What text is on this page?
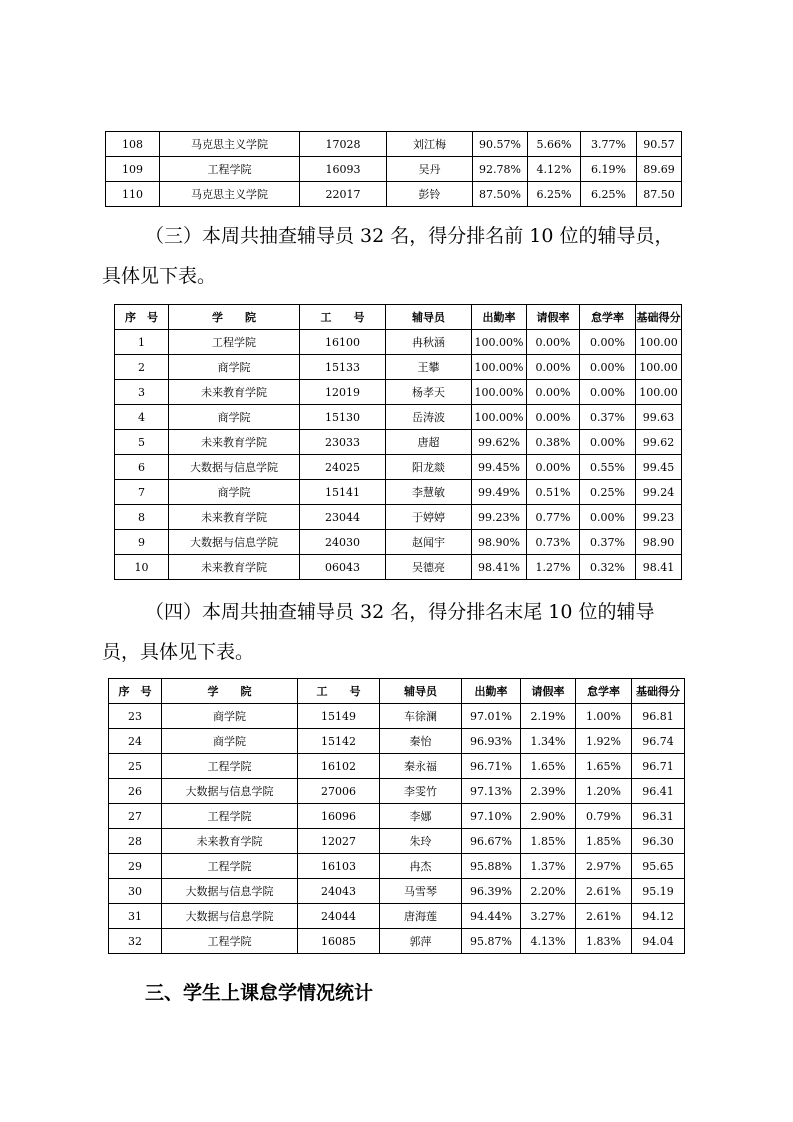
108	马克思主义学院	17028	刘江梅	90.57%	5.66%	3.77%	90.57
109	工程学院	16093	吴丹	92.78%	4.12%	6.19%	89.69
110	马克思主义学院	22017	彭铃	87.50%	6.25%	6.25%	87.50

（三）本周共抽查辅导员 32 名，得分排名前 10 位的辅导员，
具体见下表。

序　号	学　　院	工　　号	辅导员	出勤率	请假率	怠学率	基础得分
1	工程学院	16100	冉秋涵	100.00%	0.00%	0.00%	100.00
2	商学院	15133	王攀	100.00%	0.00%	0.00%	100.00
3	未来教育学院	12019	杨孝天	100.00%	0.00%	0.00%	100.00
4	商学院	15130	岳涛波	100.00%	0.00%	0.37%	99.63
5	未来教育学院	23033	唐超	99.62%	0.38%	0.00%	99.62
6	大数据与信息学院	24025	阳龙燚	99.45%	0.00%	0.55%	99.45
7	商学院	15141	李慧敏	99.49%	0.51%	0.25%	99.24
8	未来教育学院	23044	于婷婷	99.23%	0.77%	0.00%	99.23
9	大数据与信息学院	24030	赵闻宇	98.90%	0.73%	0.37%	98.90
10	未来教育学院	06043	吴德亮	98.41%	1.27%	0.32%	98.41

（四）本周共抽查辅导员 32 名，得分排名末尾 10 位的辅导
员，具体见下表。

序　号	学　　院	工　　号	辅导员	出勤率	请假率	怠学率	基础得分
23	商学院	15149	车徐澜	97.01%	2.19%	1.00%	96.81
24	商学院	15142	秦怡	96.93%	1.34%	1.92%	96.74
25	工程学院	16102	秦永福	96.71%	1.65%	1.65%	96.71
26	大数据与信息学院	27006	李雯竹	97.13%	2.39%	1.20%	96.41
27	工程学院	16096	李娜	97.10%	2.90%	0.79%	96.31
28	未来教育学院	12027	朱玲	96.67%	1.85%	1.85%	96.30
29	工程学院	16103	冉杰	95.88%	1.37%	2.97%	95.65
30	大数据与信息学院	24043	马雪琴	96.39%	2.20%	2.61%	95.19
31	大数据与信息学院	24044	唐海莲	94.44%	3.27%	2.61%	94.12
32	工程学院	16085	郭萍	95.87%	4.13%	1.83%	94.04
三、学生上课怠学情况统计
